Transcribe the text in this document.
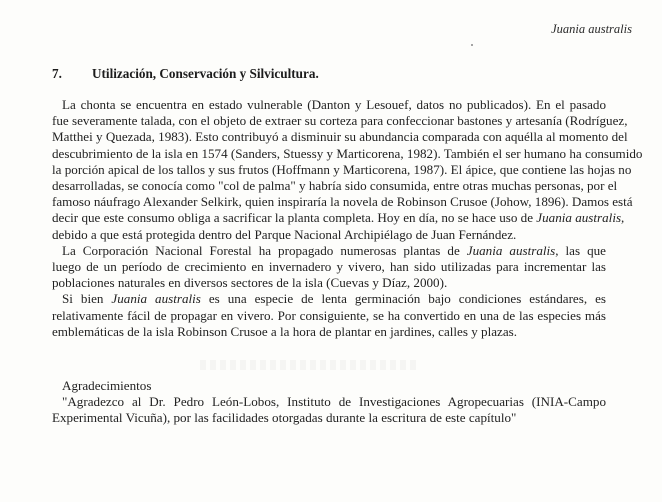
Juania australis
7. Utilización, Conservación y Silvicultura.
La chonta se encuentra en estado vulnerable (Danton y Lesouef, datos no publicados). En el pasado
fue severamente talada, con el objeto de extraer su corteza para confeccionar bastones y artesanía (Rodríguez,
Matthei y Quezada, 1983). Esto contribuyó a disminuir su abundancia comparada con aquélla al momento del
descubrimiento de la isla en 1574 (Sanders, Stuessy y Marticorena, 1982). También el ser humano ha consumido
la porción apical de los tallos y sus frutos (Hoffmann y Marticorena, 1987). El ápice, que contiene las hojas no
desarrolladas, se conocía como "col de palma" y habría sido consumida, entre otras muchas personas, por el
famoso náufrago Alexander Selkirk, quien inspiraría la novela de Robinson Crusoe (Johow, 1896). Damos está
decir que este consumo obliga a sacrificar la planta completa. Hoy en día, no se hace uso de Juania australis,
debido a que está protegida dentro del Parque Nacional Archipiélago de Juan Fernández.
La Corporación Nacional Forestal ha propagado numerosas plantas de Juania australis, las que
luego de un período de crecimiento en invernadero y vivero, han sido utilizadas para incrementar las
poblaciones naturales en diversos sectores de la isla (Cuevas y Díaz, 2000).
Si bien Juania australis es una especie de lenta germinación bajo condiciones estándares, es
relativamente fácil de propagar en vivero. Por consiguiente, se ha convertido en una de las especies más
emblemáticas de la isla Robinson Crusoe a la hora de plantar en jardines, calles y plazas.
Agradecimientos
"Agradezco al Dr. Pedro León-Lobos, Instituto de Investigaciones Agropecuarias (INIA-Campo
Experimental Vicuña), por las facilidades otorgadas durante la escritura de este capítulo"
